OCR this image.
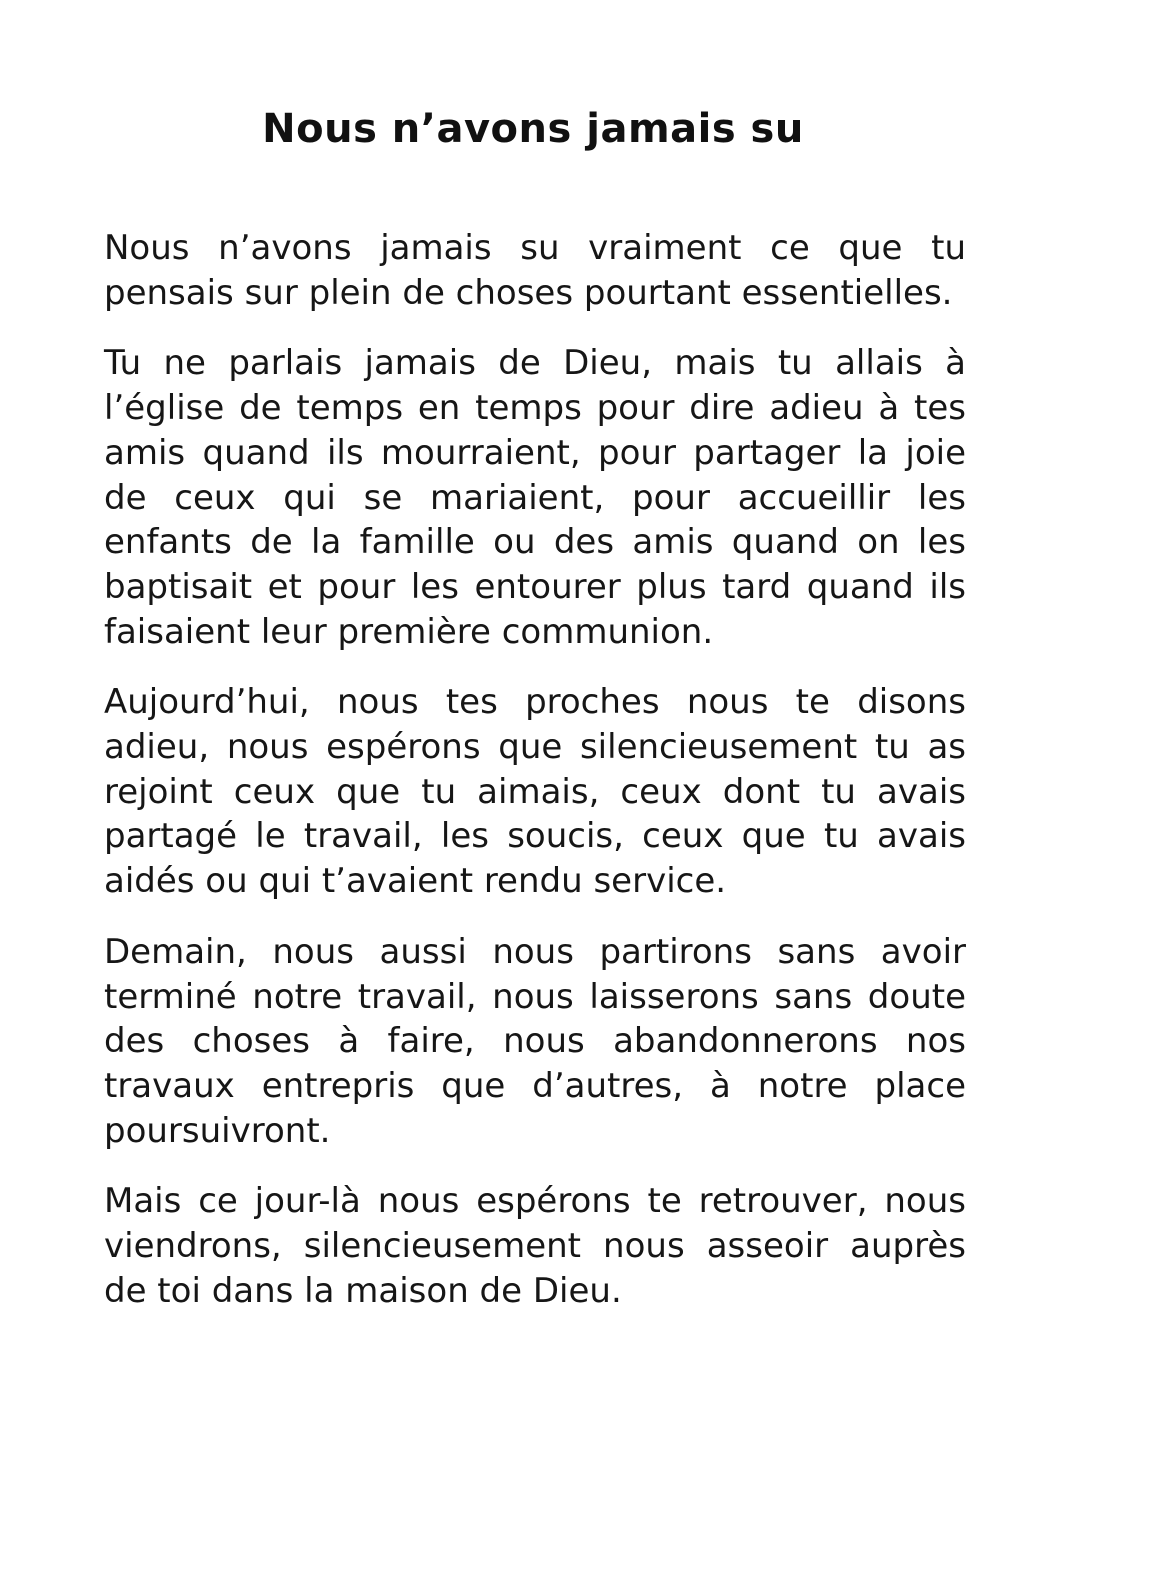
Nous n’avons jamais su

Nous n’avons jamais su vraiment ce que tu pensais sur plein de choses pourtant essentielles.

Tu ne parlais jamais de Dieu, mais tu allais à l’église de temps en temps pour dire adieu à tes amis quand ils mourraient, pour partager la joie de ceux qui se mariaient, pour accueillir les enfants de la famille ou des amis quand on les baptisait et pour les entourer plus tard quand ils faisaient leur première communion.

Aujourd’hui, nous tes proches nous te disons adieu, nous espérons que silencieusement tu as rejoint ceux que tu aimais, ceux dont tu avais partagé le travail, les soucis, ceux que tu avais aidés ou qui t’avaient rendu service.

Demain, nous aussi nous partirons sans avoir terminé notre travail, nous laisserons sans doute des choses à faire, nous abandonnerons nos travaux entrepris que d’autres, à notre place poursuivront.

Mais ce jour-là nous espérons te retrouver, nous viendrons, silencieusement nous asseoir auprès de toi dans la maison de Dieu.
